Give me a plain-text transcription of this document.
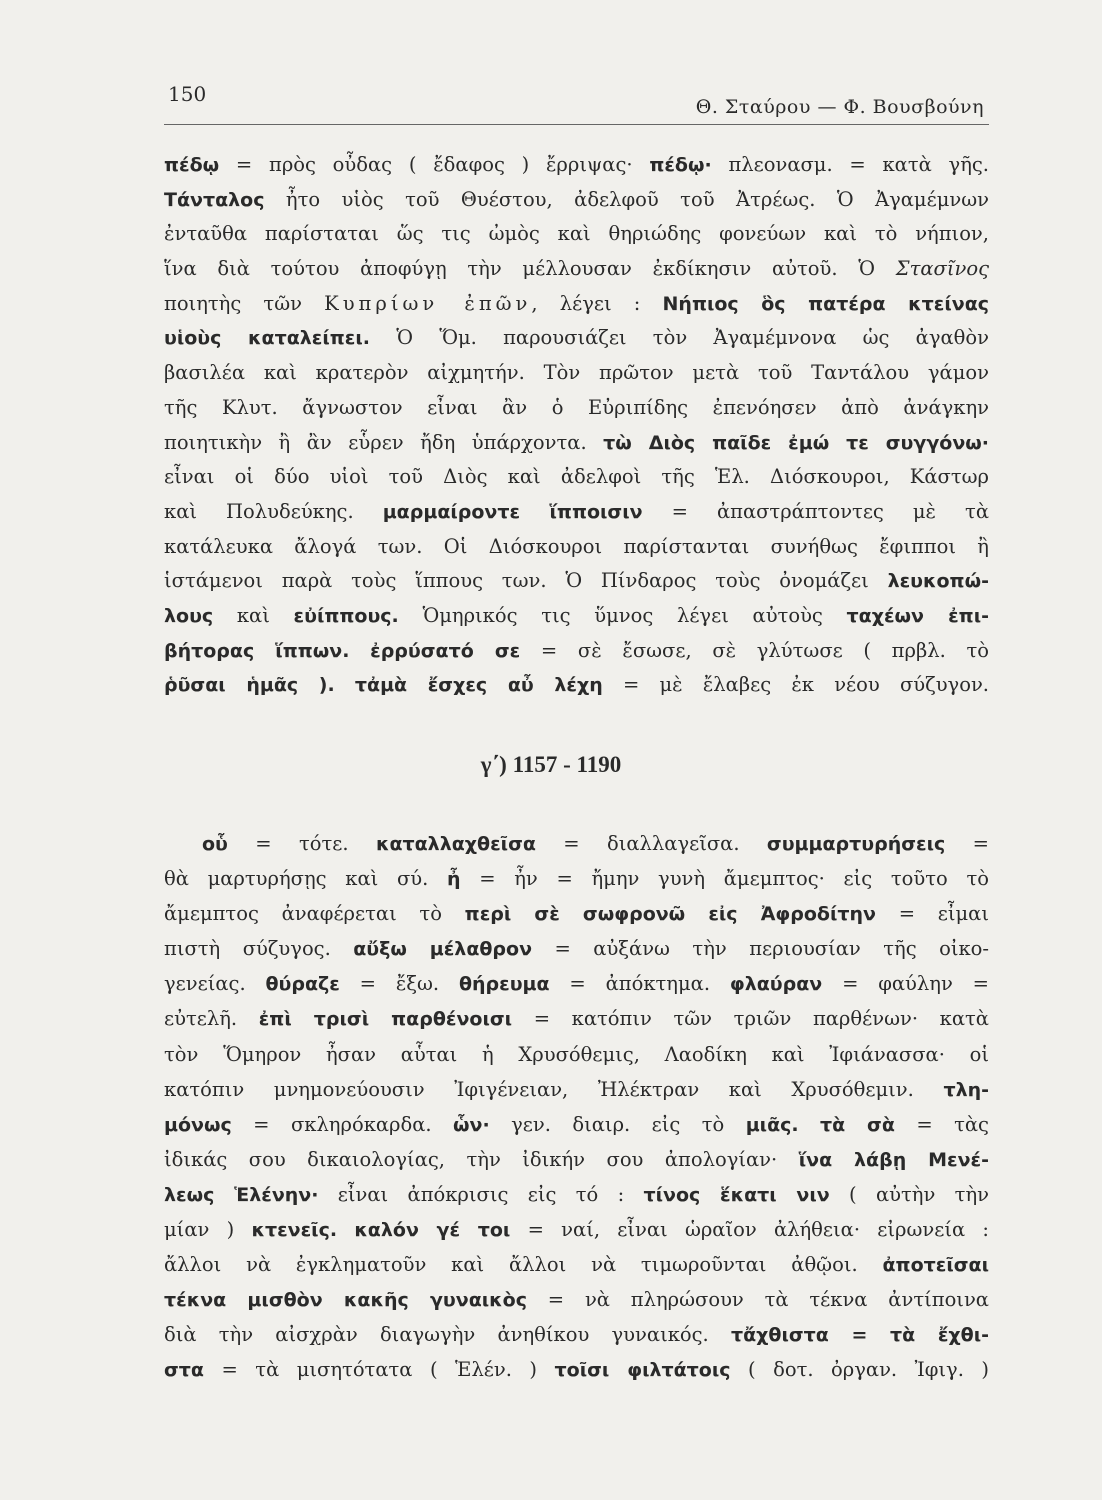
150
Θ. Σταύρου — Φ. Βουσβούνη
πέδῳ = πρὸς οὖδας ( ἔδαφος ) ἔρριψας· πέδῳ· πλεονασμ. = κατὰ γῆς.
Τάνταλος ἦτο υἱὸς τοῦ Θυέστου, ἀδελφοῦ τοῦ Ἀτρέως. Ὁ Ἀγαμέμνων
ἐνταῦθα παρίσταται ὥς τις ὠμὸς καὶ θηριώδης φονεύων καὶ τὸ νήπιον,
ἵνα διὰ τούτου ἀποφύγῃ τὴν μέλλουσαν ἐκδίκησιν αὐτοῦ. Ὁ Στασῖνος
ποιητὴς τῶν Κυπρίων ἐπῶν, λέγει : Νήπιος ὃς πατέρα κτείνας
υἱοὺς καταλείπει. Ὁ Ὅμ. παρουσιάζει τὸν Ἀγαμέμνονα ὡς ἀγαθὸν
βασιλέα καὶ κρατερὸν αἰχμητήν. Τὸν πρῶτον μετὰ τοῦ Ταντάλου γάμον
τῆς Κλυτ. ἄγνωστον εἶναι ἂν ὁ Εὐριπίδης ἐπενόησεν ἀπὸ ἀνάγκην
ποιητικὴν ἢ ἂν εὗρεν ἤδη ὑπάρχοντα. τὼ Διὸς παῖδε ἐμώ τε συγγόνω·
εἶναι οἱ δύο υἱοὶ τοῦ Διὸς καὶ ἀδελφοὶ τῆς Ἑλ. Διόσκουροι, Κάστωρ
καὶ Πολυδεύκης. μαρμαίροντε ἵπποισιν = ἀπαστράπτοντες μὲ τὰ
κατάλευκα ἄλογά των. Οἱ Διόσκουροι παρίστανται συνήθως ἔφιπποι ἢ
ἱστάμενοι παρὰ τοὺς ἵππους των. Ὁ Πίνδαρος τοὺς ὀνομάζει λευκοπώ-
λους καὶ εὐίππους. Ὁμηρικός τις ὕμνος λέγει αὐτοὺς ταχέων ἐπι-
βήτορας ἵππων. ἐρρύσατό σε = σὲ ἔσωσε, σὲ γλύτωσε ( πρβλ. τὸ
ῥῦσαι ἡμᾶς ). τἀμὰ ἔσχες αὖ λέχη = μὲ ἔλαβες ἐκ νέου σύζυγον.
γ΄) 1157 - 1190
οὗ = τότε. καταλλαχθεῖσα = διαλλαγεῖσα. συμμαρτυρήσεις =
θὰ μαρτυρήσῃς καὶ σύ. ἦ = ἦν = ἤμην γυνὴ ἄμεμπτος· εἰς τοῦτο τὸ
ἄμεμπτος ἀναφέρεται τὸ περὶ σὲ σωφρονῶ εἰς Ἀφροδίτην = εἶμαι
πιστὴ σύζυγος. αὔξω μέλαθρον = αὐξάνω τὴν περιουσίαν τῆς οἰκο-
γενείας. θύραζε = ἔξω. θήρευμα = ἀπόκτημα. φλαύραν = φαύλην =
εὐτελῆ. ἐπὶ τρισὶ παρθένοισι = κατόπιν τῶν τριῶν παρθένων· κατὰ
τὸν Ὅμηρον ἦσαν αὗται ἡ Χρυσόθεμις, Λαοδίκη καὶ Ἰφιάνασσα· οἱ
κατόπιν μνημονεύουσιν Ἰφιγένειαν, Ἠλέκτραν καὶ Χρυσόθεμιν. τλη-
μόνως = σκληρόκαρδα. ὧν· γεν. διαιρ. εἰς τὸ μιᾶς. τὰ σὰ = τὰς
ἰδικάς σου δικαιολογίας, τὴν ἰδικήν σου ἀπολογίαν· ἵνα λάβῃ Μενέ-
λεως Ἑλένην· εἶναι ἀπόκρισις εἰς τό : τίνος ἕκατι νιν ( αὐτὴν τὴν
μίαν ) κτενεῖς. καλόν γέ τοι = ναί, εἶναι ὡραῖον ἀλήθεια· εἰρωνεία :
ἄλλοι νὰ ἐγκληματοῦν καὶ ἄλλοι νὰ τιμωροῦνται ἀθῷοι. ἀποτεῖσαι
τέκνα μισθὸν κακῆς γυναικὸς = νὰ πληρώσουν τὰ τέκνα ἀντίποινα
διὰ τὴν αἰσχρὰν διαγωγὴν ἀνηθίκου γυναικός. τἄχθιστα = τὰ ἔχθι-
στα = τὰ μισητότατα ( Ἑλέν. ) τοῖσι φιλτάτοις ( δοτ. ὀργαν. Ἰφιγ. )
